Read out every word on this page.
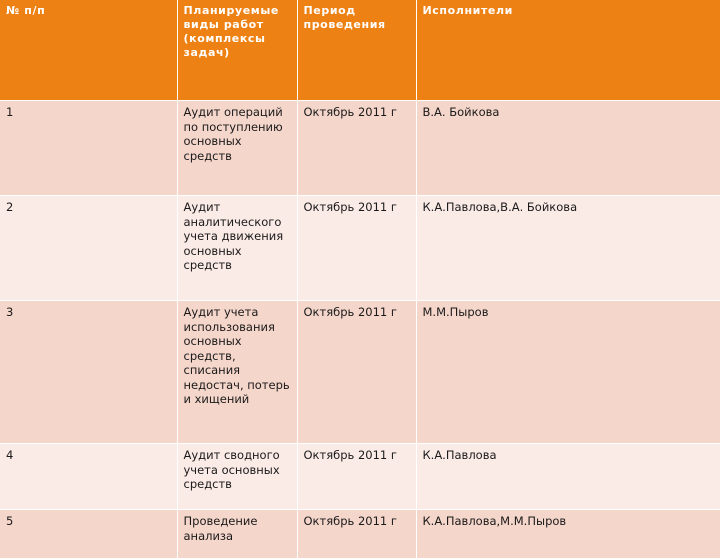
№ п/п	Планируемые виды работ (комплексы задач)	Период проведения	Исполнители
1	Аудит операций по поступлению основных средств	Октябрь 2011 г	В.А. Бойкова
2	Аудит аналитического учета движения основных средств	Октябрь 2011 г	К.А.Павлова,В.А. Бойкова
3	Аудит учета использования основных средств, списания недостач, потерь и хищений	Октябрь 2011 г	М.М.Пыров
4	Аудит сводного учета основных средств	Октябрь 2011 г	К.А.Павлова
5	Проведение анализа	Октябрь 2011 г	К.А.Павлова,М.М.Пыров
